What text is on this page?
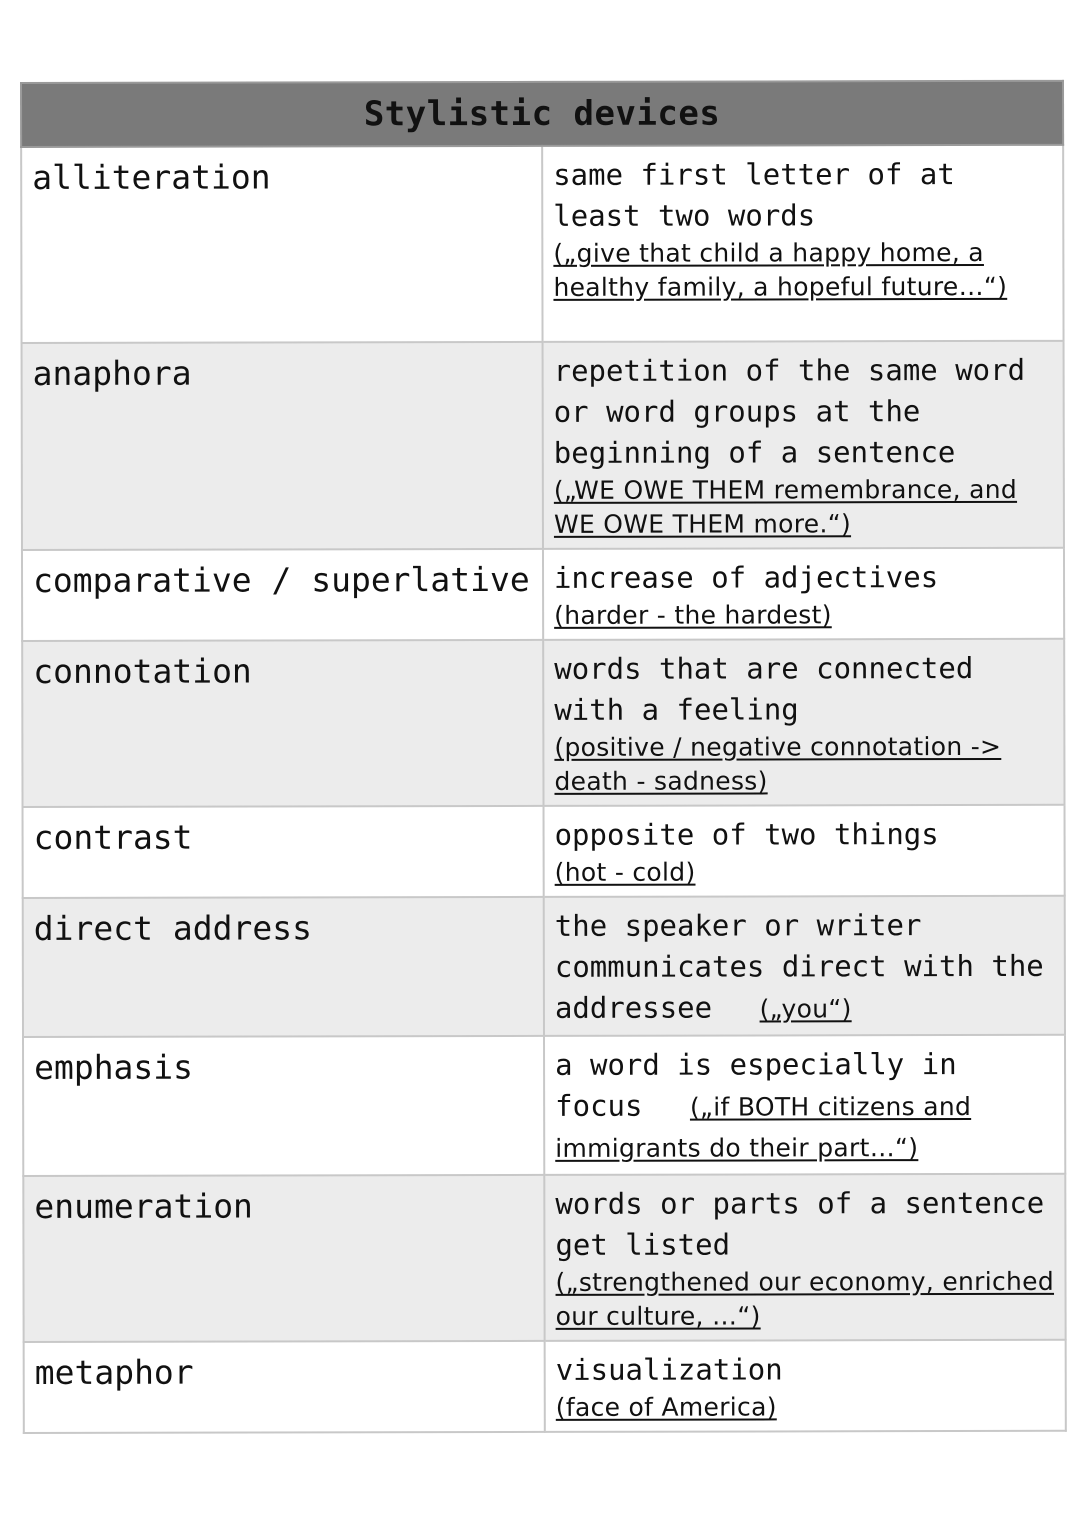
Stylistic devices	
alliteration	same first letter of at least two words
(„give that child a happy home, a healthy family, a hopeful future…“)

anaphora	repetition of the same word or word groups at the beginning of a sentence
(„WE OWE THEM remembrance, and WE OWE THEM more.“)

comparative / superlative	increase of adjectives
(harder - the hardest)

connotation	words that are connected with a feeling
(positive / negative connotation -> death - sadness)

contrast	opposite of two things
(hot - cold)

direct address	the speaker or writer communicates direct with the addressee („you“)
emphasis	a word is especially in focus („if BOTH citizens and immigrants do their part…“)
enumeration	words or parts of a sentence get listed
(„strengthened our economy, enriched our culture, …“)

metaphor	visualization
(face of America)
